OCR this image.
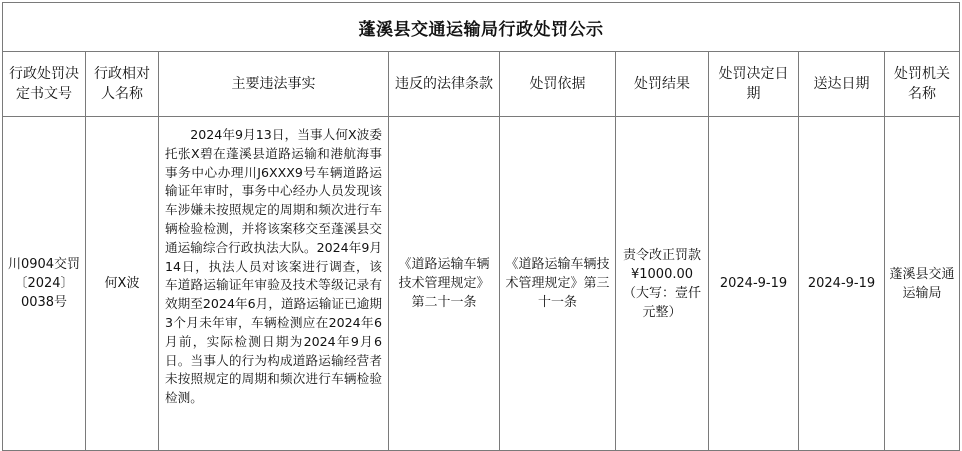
蓬溪县交通运输局行政处罚公示								
行政处罚决定书文号	行政相对人名称	主要违法事实	违反的法律条款	处罚依据	处罚结果	处罚决定日期	送达日期	处罚机关名称
川0904交罚〔2024〕0038号	何X波	2024年9月13日，当事人何X波委托张X碧在蓬溪县道路运输和港航海事事务中心办理川J6XXX9号车辆道路运输证年审时，事务中心经办人员发现该车涉嫌未按照规定的周期和频次进行车辆检验检测，并将该案移交至蓬溪县交通运输综合行政执法大队。2024年9月14日，执法人员对该案进行调查，该车道路运输证年审验及技术等级记录有效期至2024年6月，道路运输证已逾期3个月未年审，车辆检测应在2024年6月前，实际检测日期为2024年9月6日。当事人的行为构成道路运输经营者未按照规定的周期和频次进行车辆检验检测。	《道路运输车辆技术管理规定》第二十一条	《道路运输车辆技术管理规定》第三十一条	责令改正罚款¥1000.00（大写：壹仟元整）	2024-9-19	2024-9-19	蓬溪县交通运输局
